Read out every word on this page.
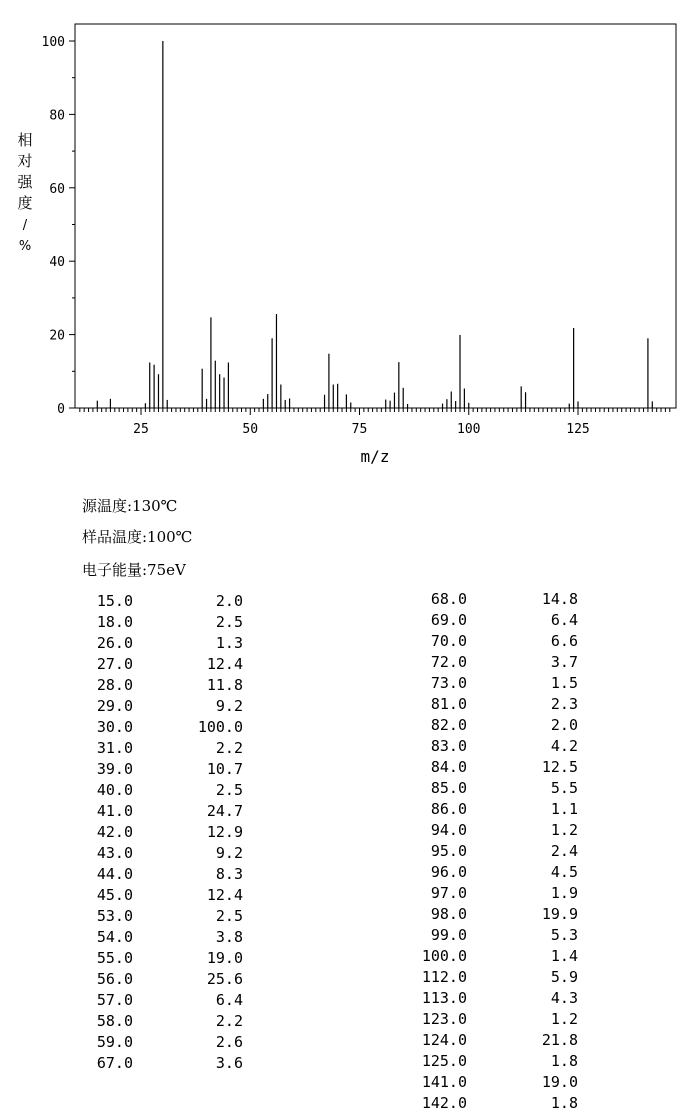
0
20
40
60
80
100
25	50	75	100	125
m/z
相对强度/ %
源温度:130℃
样品温度:100℃
电子能量:75eV
15.0	2.0
18.0	2.5
26.0	1.3
27.0	12.4
28.0	11.8
29.0	9.2
30.0	100.0
31.0	2.2
39.0	10.7
40.0	2.5
41.0	24.7
42.0	12.9
43.0	9.2
44.0	8.3
45.0	12.4
53.0	2.5
54.0	3.8
55.0	19.0
56.0	25.6
57.0	6.4
58.0	2.2
59.0	2.6
67.0	3.6
68.0	14.8
69.0	6.4
70.0	6.6
72.0	3.7
73.0	1.5
81.0	2.3
82.0	2.0
83.0	4.2
84.0	12.5
85.0	5.5
86.0	1.1
94.0	1.2
95.0	2.4
96.0	4.5
97.0	1.9
98.0	19.9
99.0	5.3
100.0	1.4
112.0	5.9
113.0	4.3
123.0	1.2
124.0	21.8
125.0	1.8
141.0	19.0
142.0	1.8
